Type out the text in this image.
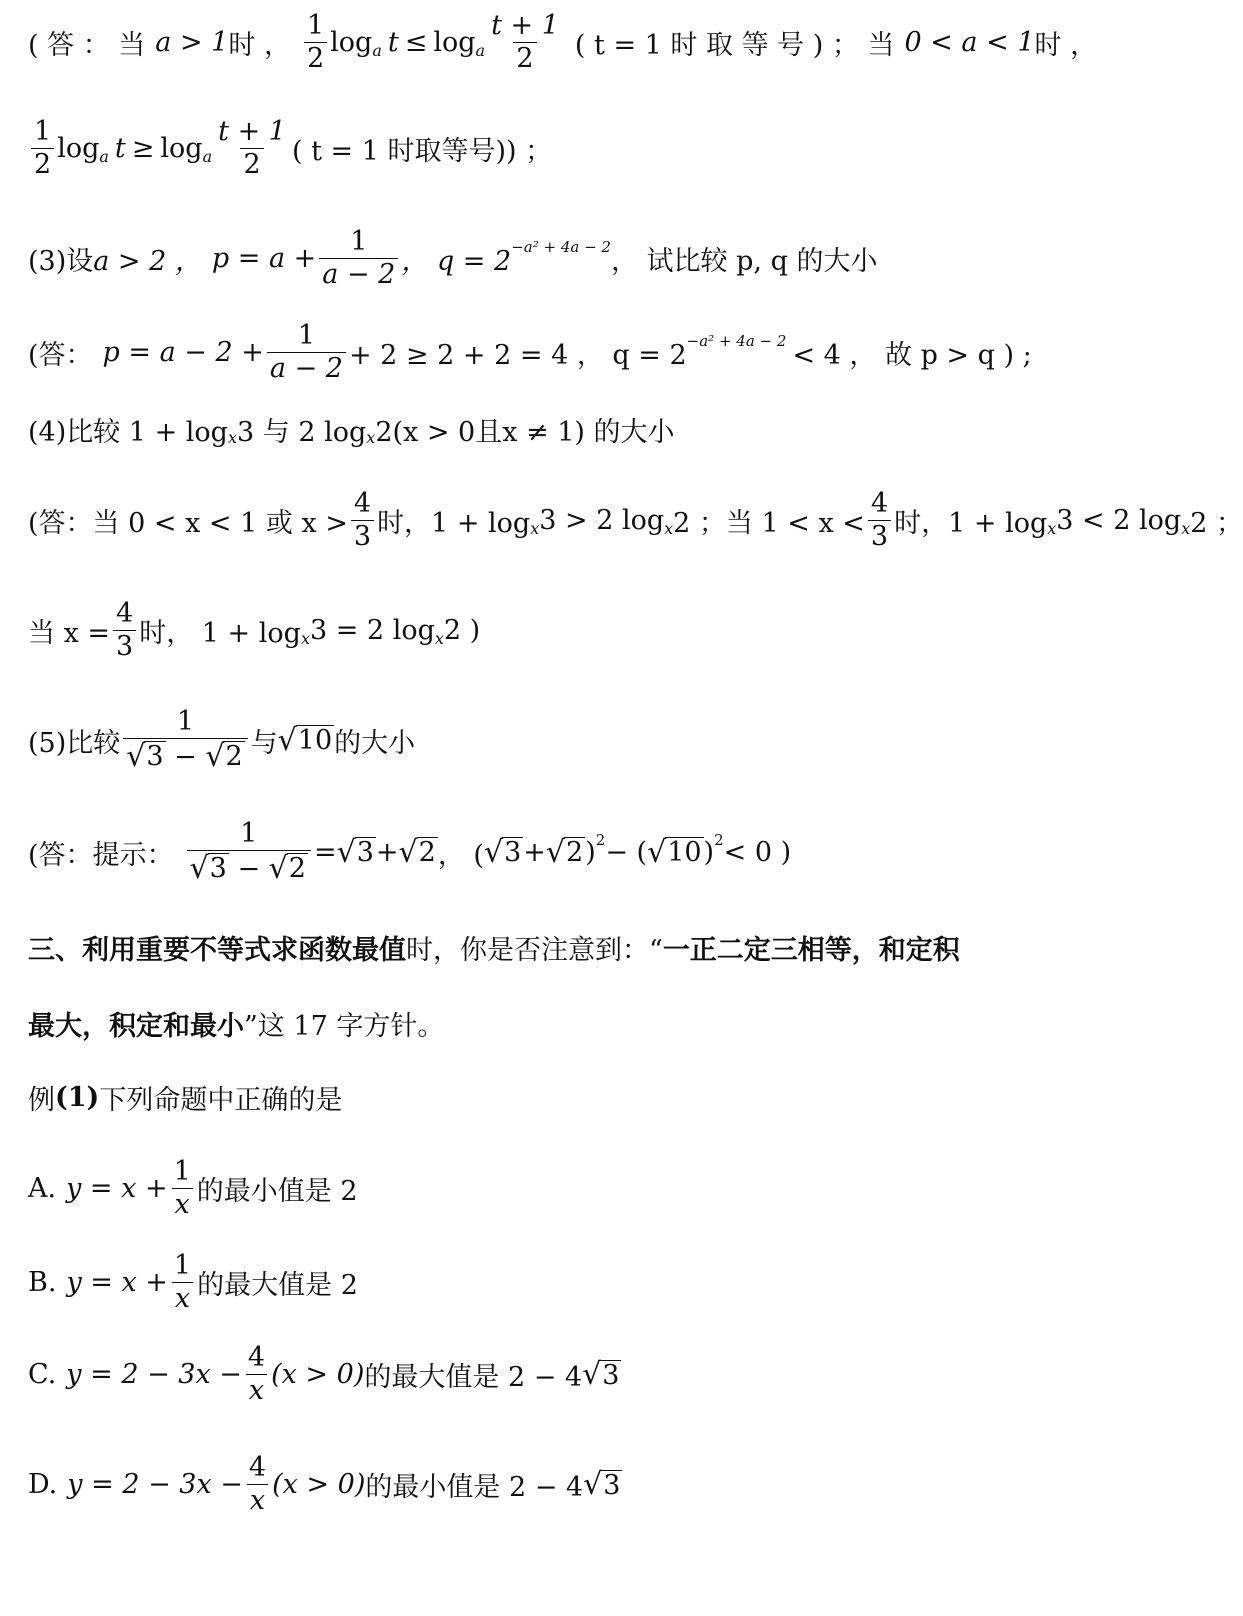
( 答 ： 当 a > 1 时 ， $\frac{1}{2}$ log a t ≤ log a $\frac{t + 1}{2}$ ( t = 1 时 取 等 号 ) ； 当 0 < a < 1 时 ，
$\frac{1}{2}$ log a t ≥ log a $\frac{t + 1}{2}$ ( t = 1 时取等号)) ；
(3)设 a > 2 ， $p = a + \frac{1}{a - 2}$ ， q = 2 −a² + 4a − 2 ， 试比较 p, q 的大小
(答： $p = a - 2 + \frac{1}{a - 2} + 2 \ge 2 + 2 = 4$ ， q = 2 −a² + 4a − 2 < 4 ， 故 p > q ) ;
(4)比较 1 + log x 3 与 2 log x 2(x > 0且x ≠ 1) 的大小
(答：当 0 < x < 1 或 $x > \frac{4}{3}$ 时，1 + log x 3 > 2 log x 2 ；当 $1 < x < \frac{4}{3}$ 时，1 + log x 3 < 2 log x 2 ；
当 $x = \frac{4}{3}$ 时， 1 + log x 3 = 2 log x 2 )
(5)比较 $\frac{1}{√ 3 - √ 2}$ 与 √ 10 的大小
(答：提示： $\frac{1}{√ 3 - √ 2}$ = √ 3 + √ 2 ， ( √ 3 + √ 2 ) 2 − ( √ 10 ) 2 < 0 )
三、利用重要不等式求函数最值 时，你是否注意到：“ 一正二定三相等，和定积
最大，积定和最小 ”这 17 字方针。
例 (1) 下列命题中正确的是
A. $y = x + \frac{1}{x}$ 的最小值是 2
B. $y = x + \frac{1}{x}$ 的最大值是 2
C. $y = 2 - 3x - \frac{4}{x} (x > 0)$ 的最大值是 2 − 4 √ 3
D. $y = 2 - 3x - \frac{4}{x} (x > 0)$ 的最小值是 2 − 4 √ 3
